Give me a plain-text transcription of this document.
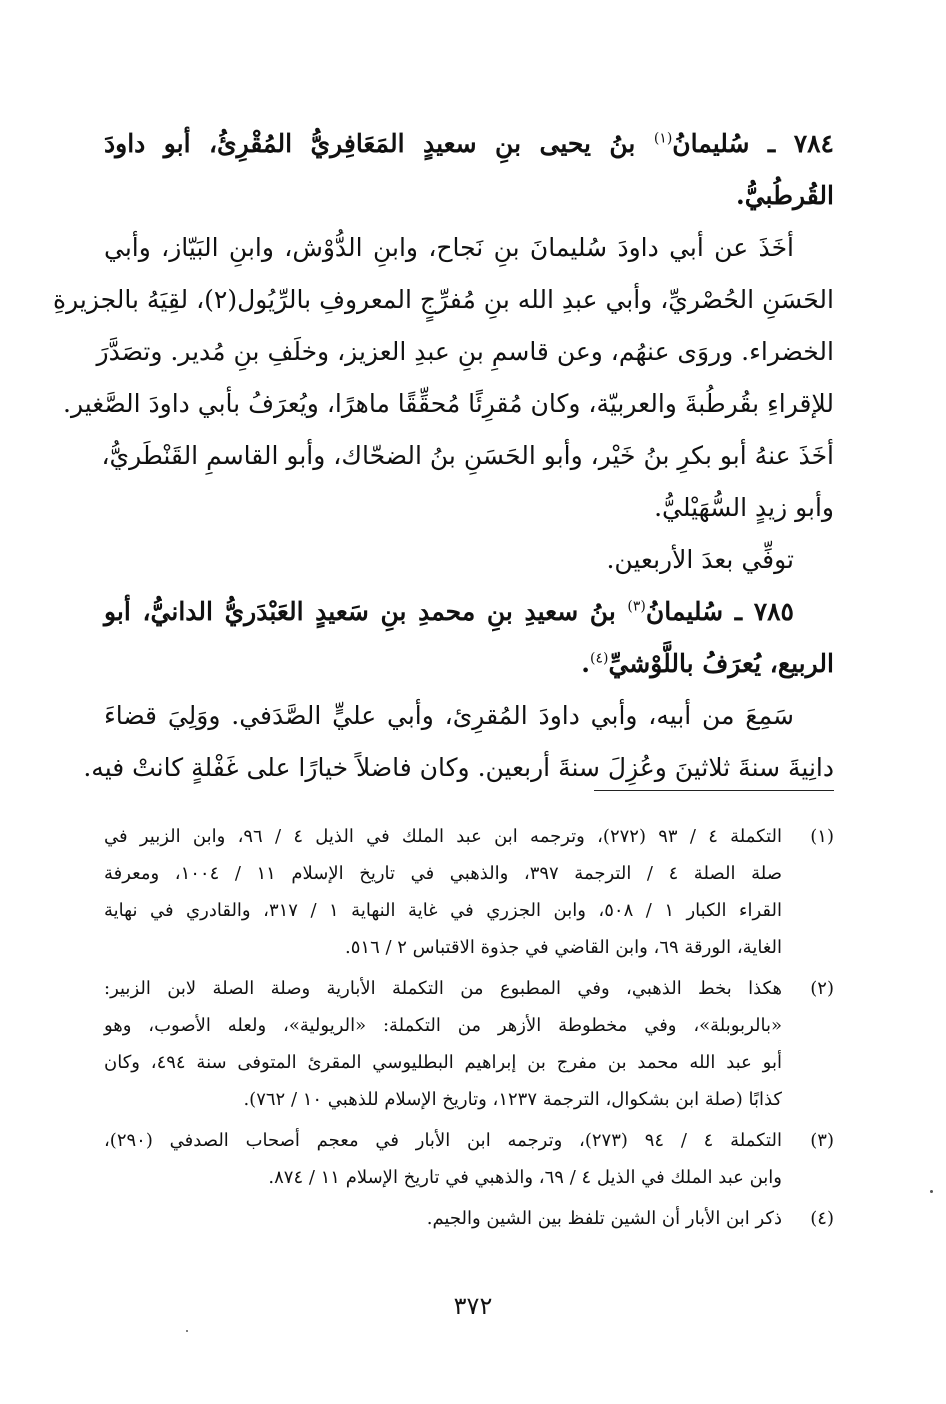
٧٨٤ ـ سُليمانُ$^{(١)}$ بنُ يحيى بنِ سعيدٍ المَعَافِريُّ المُقْرِئُ، أبو داودَ
القُرطُبيُّ.
أخَذَ عن أبي داودَ سُليمانَ بنِ نَجاح، وابنِ الدُّوْش، وابنِ البَيّاز، وأبي
الحَسَنِ الحُصْريِّ، وأبي عبدِ الله بنِ مُفرِّجٍ المعروفِ بالرِّيُول(٢)، لقِيَهُ بالجزيرةِ
الخضراء. وروَى عنهُم، وعن قاسمِ بنِ عبدِ العزيز، وخلَفِ بنِ مُدير. وتصَدَّرَ
للإقراءِ بقُرطُبةَ والعربيّة، وكان مُقرِئًا مُحقِّقًا ماهرًا، ويُعرَفُ بأبي داودَ الصَّغير.
أخَذَ عنهُ أبو بكرِ بنُ خَيْر، وأبو الحَسَنِ بنُ الضحّاك، وأبو القاسمِ القَنْطَريُّ،
وأبو زيدٍ السُّهَيْليُّ.
توفِّي بعدَ الأربعين.
٧٨٥ ـ سُليمانُ$^{(٣)}$ بنُ سعيدِ بنِ محمدِ بنِ سَعيدٍ العَبْدَريُّ الدانيُّ، أبو
الربيع، يُعرَفُ باللَّوْشيِّ$^{(٤)}$.
سَمِعَ من أبيه، وأبي داودَ المُقرِئ، وأبي عليٍّ الصَّدَفي. ووَلِيَ قضاءَ
دانِيةَ سنةَ ثلاثينَ وعُزِلَ سنةَ أربعين. وكان فاضلاً خيارًا على غَفْلةٍ كانتْ فيه.
(١)
التكملة ٤ / ٩٣ (٢٧٢)، وترجمه ابن عبد الملك في الذيل ٤ / ٩٦، وابن الزبير في
صلة الصلة ٤ / الترجمة ٣٩٧، والذهبي في تاريخ الإسلام ١١ / ١٠٠٤، ومعرفة
القراء الكبار ١ / ٥٠٨، وابن الجزري في غاية النهاية ١ / ٣١٧، والقادري في نهاية
الغاية، الورقة ٦٩، وابن القاضي في جذوة الاقتباس ٢ / ٥١٦.
(٢)
هكذا بخط الذهبي، وفي المطبوع من التكملة الأبارية وصلة الصلة لابن الزبير:
«بالربوبلة»، وفي مخطوطة الأزهر من التكملة: «الريولية»، ولعله الأصوب، وهو
أبو عبد الله محمد بن مفرج بن إبراهيم البطليوسي المقرئ المتوفى سنة ٤٩٤، وكان
كذابًا (صلة ابن بشكوال، الترجمة ١٢٣٧، وتاريخ الإسلام للذهبي ١٠ / ٧٦٢).
(٣)
التكملة ٤ / ٩٤ (٢٧٣)، وترجمه ابن الأبار في معجم أصحاب الصدفي (٢٩٠)،
وابن عبد الملك في الذيل ٤ / ٦٩، والذهبي في تاريخ الإسلام ١١ / ٨٧٤.
(٤)
ذكر ابن الأبار أن الشين تلفظ بين الشين والجيم.
٣٧٢
